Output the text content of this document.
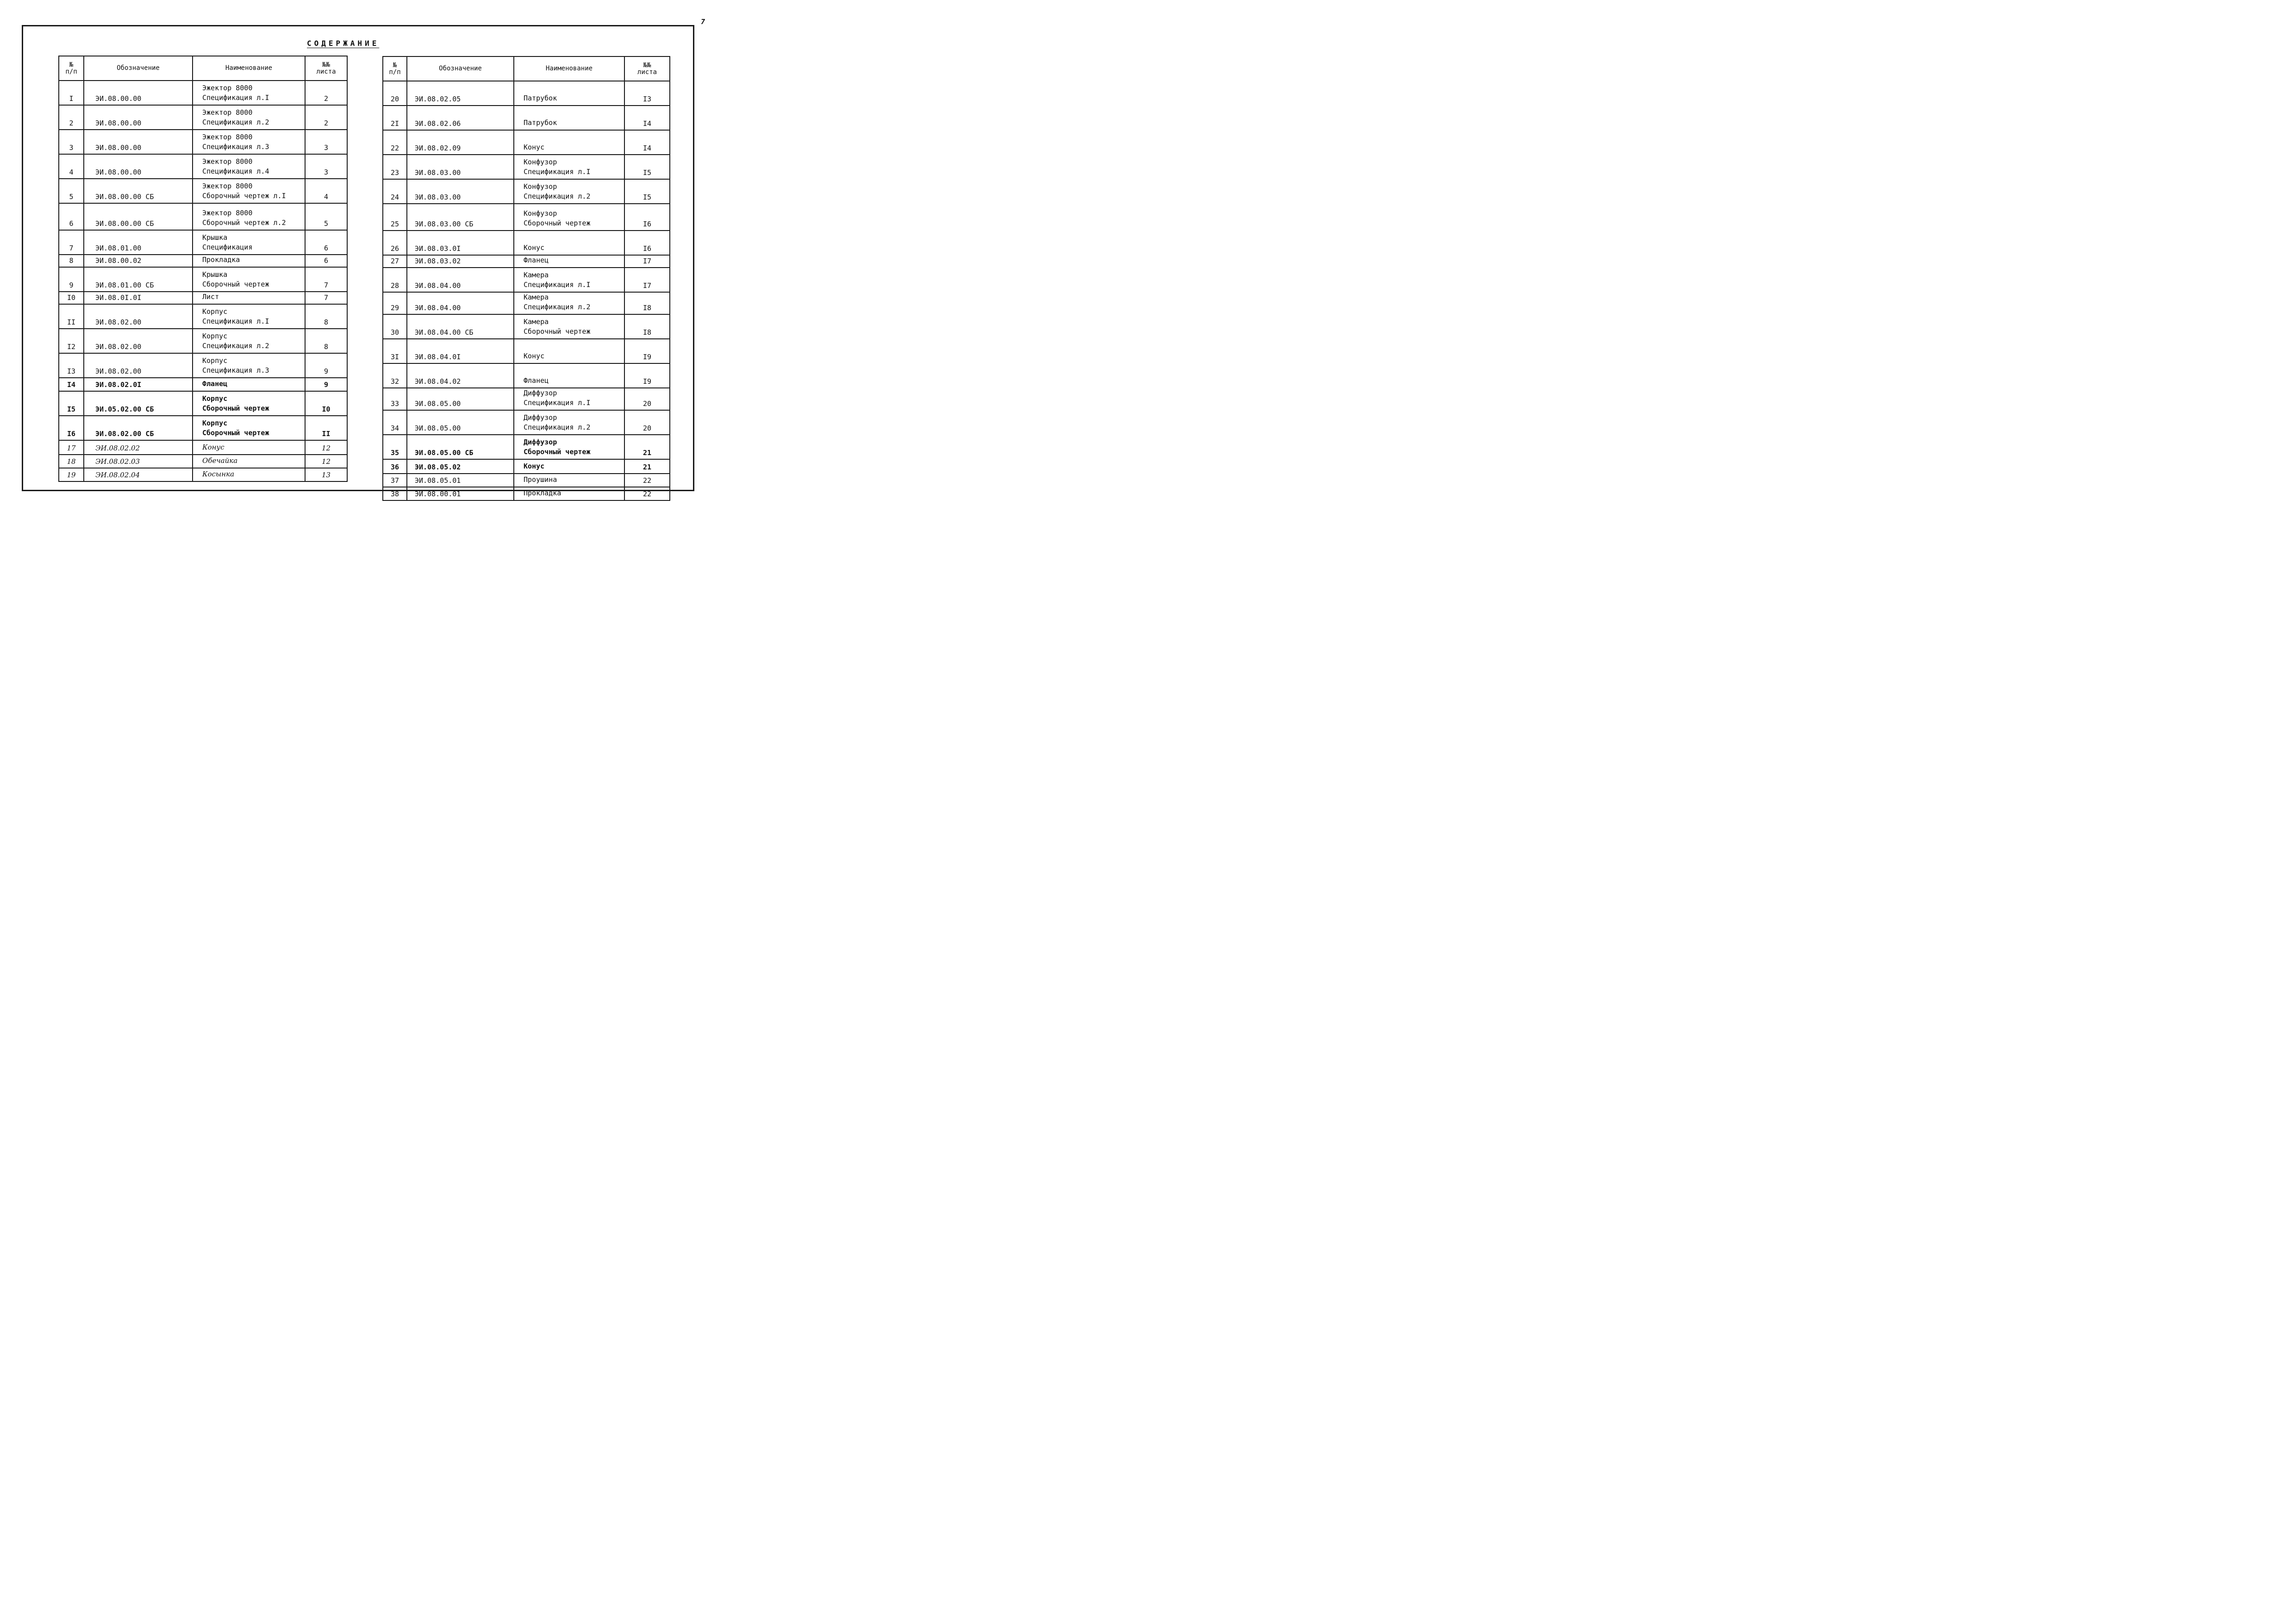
7
СОДЕРЖАНИЕ
№
п/п	Обозначение	Наименование	№№
листа

I	ЭИ.08.00.00	Эжектор 8000
Спецификация л.I	2
2	ЭИ.08.00.00	Эжектор 8000
Спецификация л.2	2
3	ЭИ.08.00.00	Эжектор 8000
Спецификация л.3	3
4	ЭИ.08.00.00	Эжектор 8000
Спецификация л.4	3
5	ЭИ.08.00.00 СБ	Эжектор 8000
Сборочный чертеж л.I	4
6	ЭИ.08.00.00 СБ	Эжектор 8000
Сборочный чертеж л.2	5
7	ЭИ.08.01.00	Крышка
Спецификация	6
8	ЭИ.08.00.02	Прокладка	6
9	ЭИ.08.01.00 СБ	Крышка
Сборочный чертеж	7
I0	ЭИ.08.0I.0I	Лист	7
II	ЭИ.08.02.00	Корпус
Спецификация л.I	8
I2	ЭИ.08.02.00	Корпус
Спецификация л.2	8
I3	ЭИ.08.02.00	Корпус
Спецификация л.3	9
I4	ЭИ.08.02.0I	Фланец	9
I5	ЭИ.05.02.00 СБ	Корпус
Сборочный чертеж	I0
I6	ЭИ.08.02.00 СБ	Корпус
Сборочный чертеж	II
17	ЭИ.08.02.02	Конус	12
18	ЭИ.08.02.03	Обечайка	12
19	ЭИ.08.02.04	Косынка	13
№
п/п	Обозначение	Наименование	№№
листа

20	ЭИ.08.02.05	Патрубок	I3
2I	ЭИ.08.02.06	Патрубок	I4
22	ЭИ.08.02.09	Конус	I4
23	ЭИ.08.03.00	Конфузор
Спецификация л.I	I5
24	ЭИ.08.03.00	Конфузор
Спецификация л.2	I5
25	ЭИ.08.03.00 СБ	Конфузор
Сборочный чертеж	I6
26	ЭИ.08.03.0I	Конус	I6
27	ЭИ.08.03.02	Фланец	I7
28	ЭИ.08.04.00	Камера
Спецификация л.I	I7
29	ЭИ.08.04.00	Камера
Спецификация л.2	I8
30	ЭИ.08.04.00 СБ	Камера
Сборочный чертеж	I8
3I	ЭИ.08.04.0I	Конус	I9
32	ЭИ.08.04.02	Фланец	I9
33	ЭИ.08.05.00	Диффузор
Спецификация л.I	20
34	ЭИ.08.05.00	Диффузор
Спецификация л.2	20
35	ЭИ.08.05.00 СБ	Диффузор
Сборочный чертеж	21
36	ЭИ.08.05.02	Конус	21
37	ЭИ.08.05.01	Проушина	22
38	ЭИ.08.00.01	Прокладка	22
